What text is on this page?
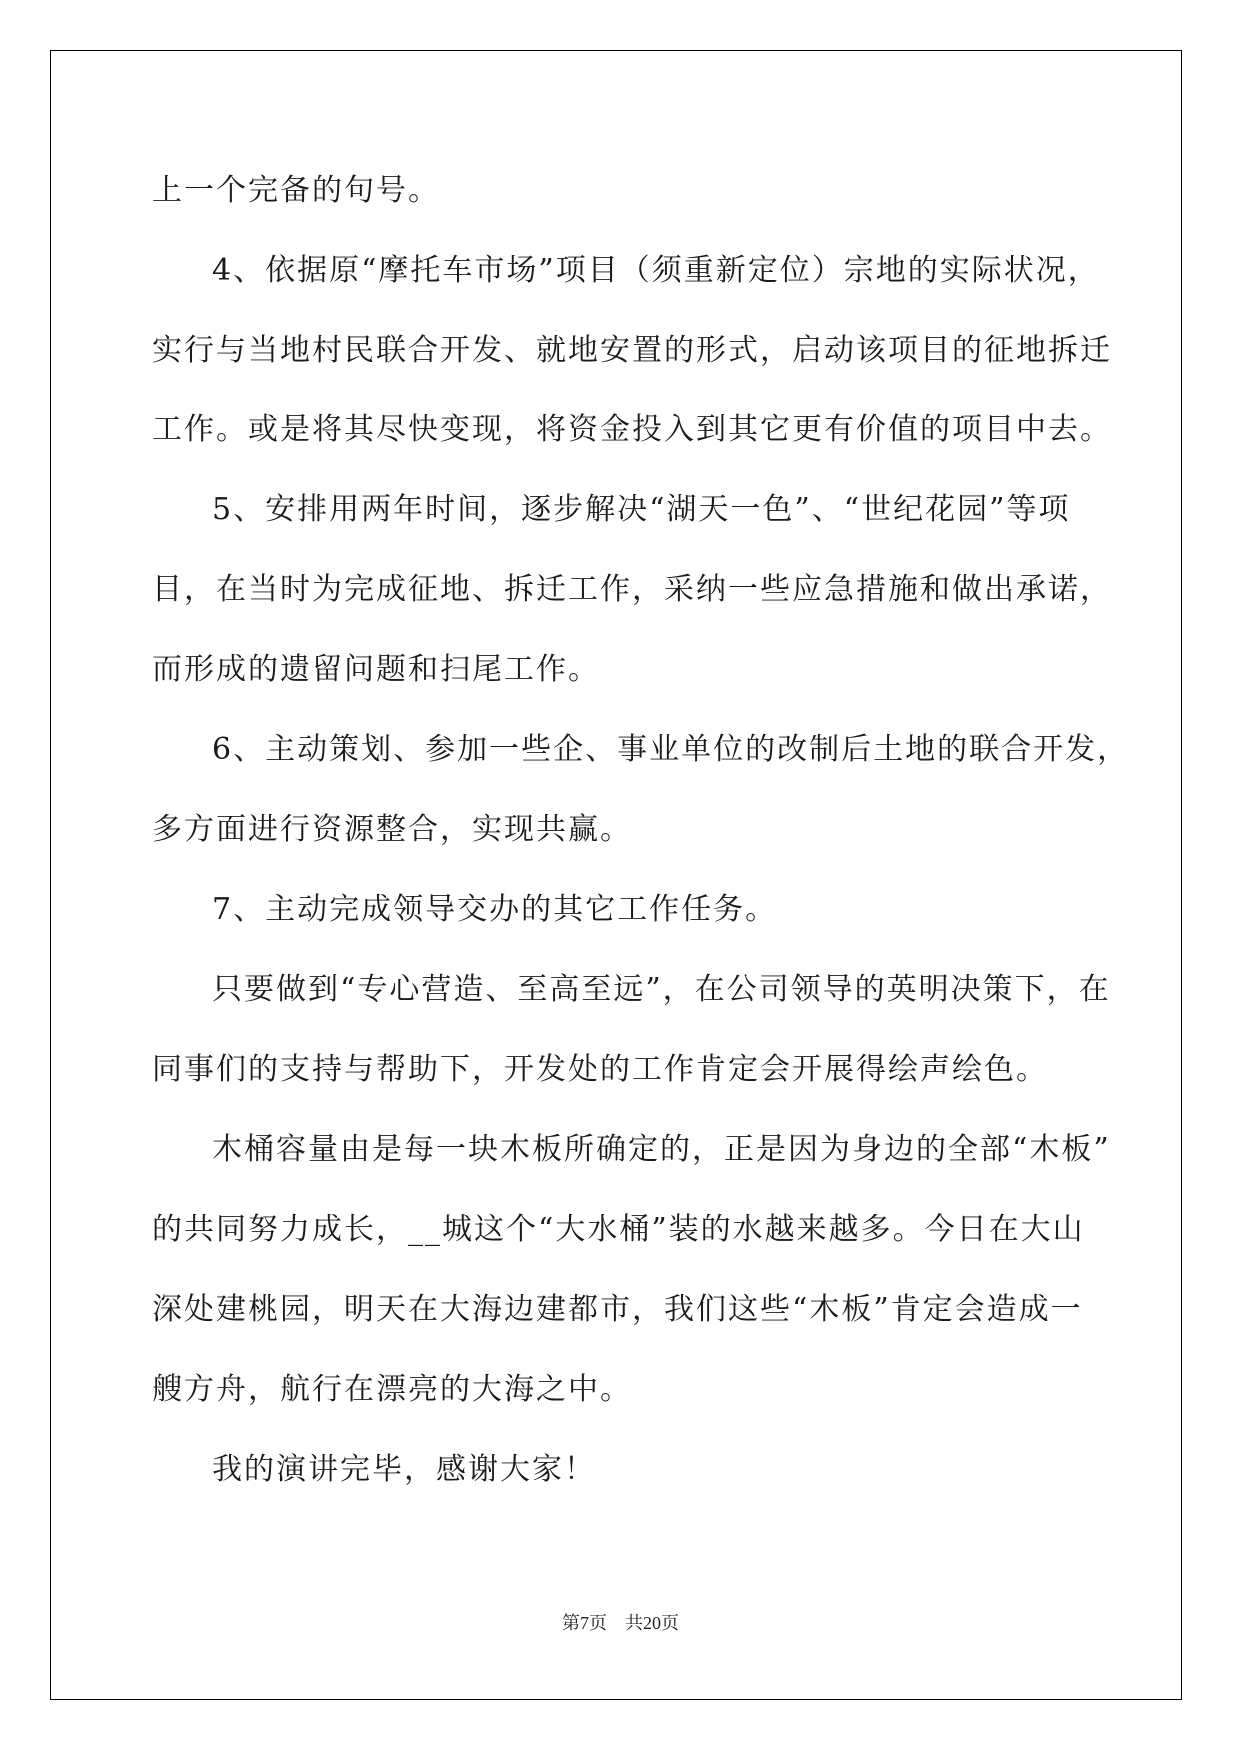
上一个完备的句号。
4、依据原“摩托车市场”项目（须重新定位）宗地的实际状况，
实行与当地村民联合开发、就地安置的形式，启动该项目的征地拆迁
工作。或是将其尽快变现，将资金投入到其它更有价值的项目中去。
5、安排用两年时间，逐步解决“湖天一色”、“世纪花园”等项
目，在当时为完成征地、拆迁工作，采纳一些应急措施和做出承诺，
而形成的遗留问题和扫尾工作。
6、主动策划、参加一些企、事业单位的改制后土地的联合开发，
多方面进行资源整合，实现共赢。
7、主动完成领导交办的其它工作任务。
只要做到“专心营造、至高至远”，在公司领导的英明决策下，在
同事们的支持与帮助下，开发处的工作肯定会开展得绘声绘色。
木桶容量由是每一块木板所确定的，正是因为身边的全部“木板”
的共同努力成长，__城这个“大水桶”装的水越来越多。今日在大山
深处建桃园，明天在大海边建都市，我们这些“木板”肯定会造成一
艘方舟，航行在漂亮的大海之中。
我的演讲完毕，感谢大家！
第7页　共20页
